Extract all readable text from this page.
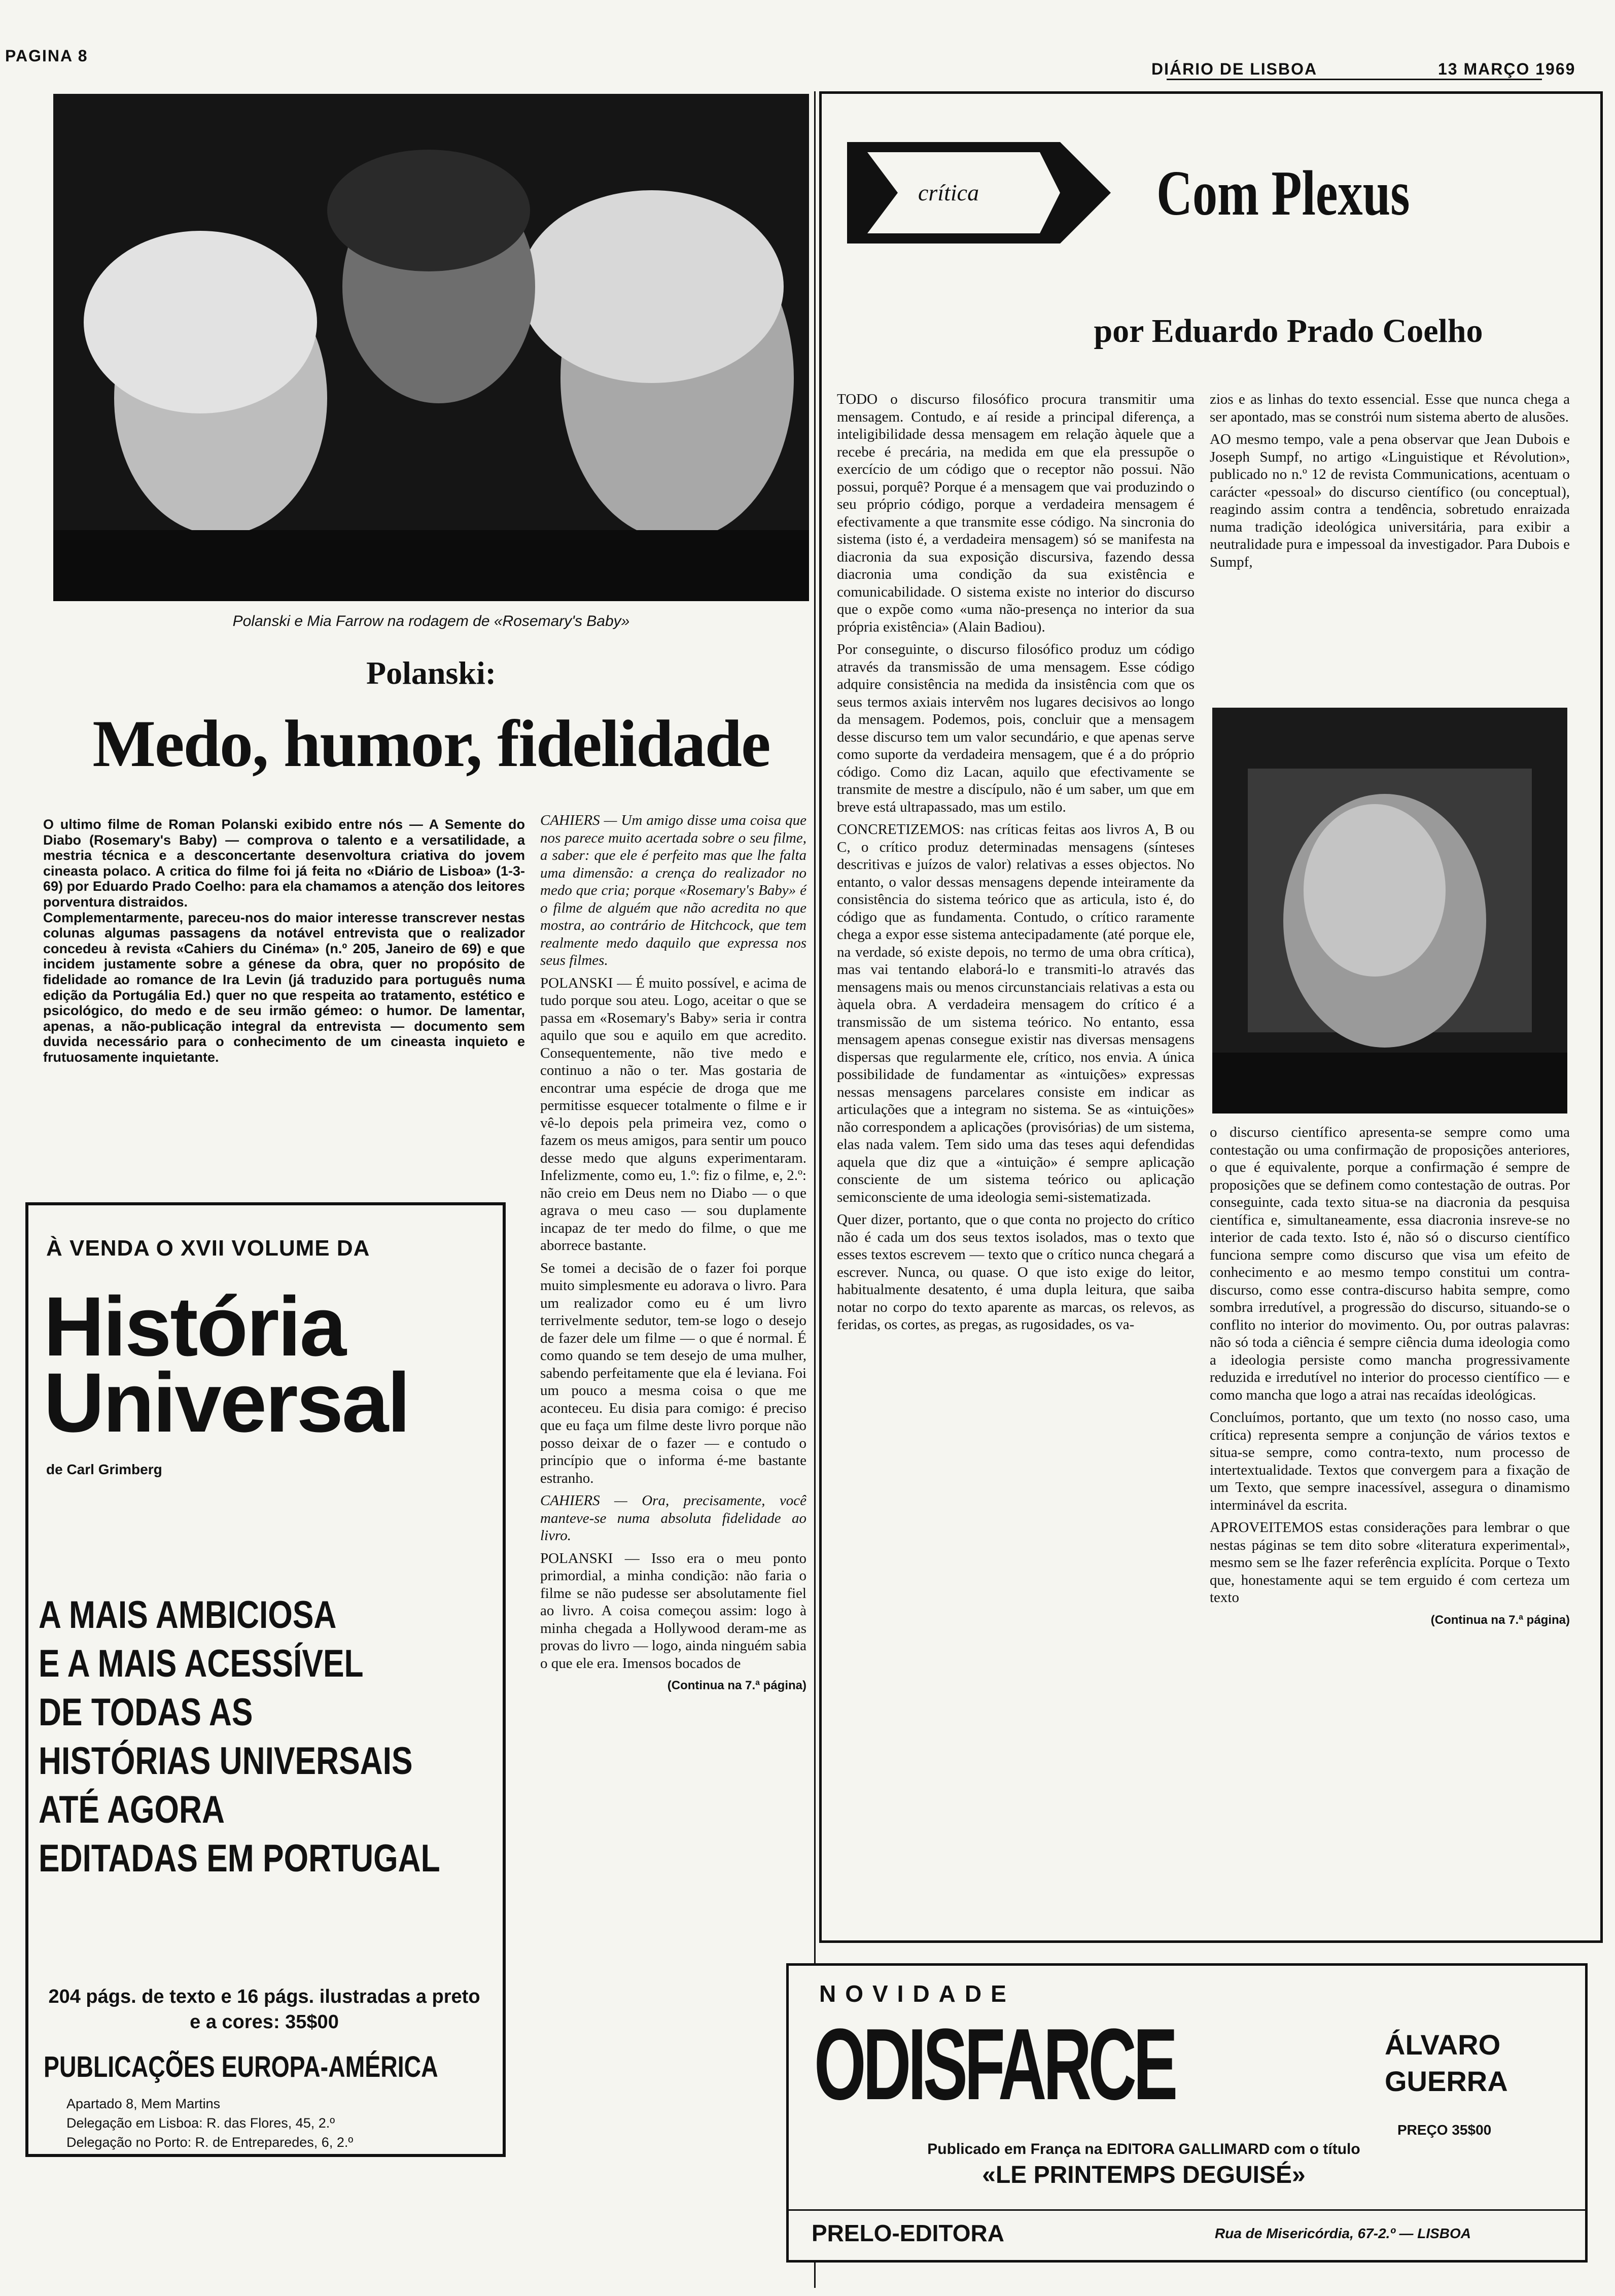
PAGINA 8
DIÁRIO DE LISBOA	13 MARÇO 1969
Polanski e Mia Farrow na rodagem de «Rosemary's Baby»
Polanski:
Medo, humor, fidelidade

O ultimo filme de Roman Polanski exibido entre nós — A Semente do Diabo (Rosemary's Baby) — comprova o talento e a versatilidade, a mestria técnica e a desconcertante desenvoltura criativa do jovem cineasta polaco. A critica do filme foi já feita no «Diário de Lisboa» (1-3-69) por Eduardo Prado Coelho: para ela chamamos a atenção dos leitores porventura distraidos.

Complementarmente, pareceu-nos do maior interesse transcrever nestas colunas algumas passagens da notável entrevista que o realizador concedeu à revista «Cahiers du Cinéma» (n.º 205, Janeiro de 69) e que incidem justamente sobre a génese da obra, quer no propósito de fidelidade ao romance de Ira Levin (já traduzido para português numa edição da Portugália Ed.) quer no que respeita ao tratamento, estético e psicológico, do medo e de seu irmão gémeo: o humor. De lamentar, apenas, a não-publicação integral da entrevista — documento sem duvida necessário para o conhecimento de um cineasta inquieto e frutuosamente inquietante.

CAHIERS — Um amigo disse uma coisa que nos parece muito acertada sobre o seu filme, a saber: que ele é perfeito mas que lhe falta uma dimensão: a crença do realizador no medo que cria; porque «Rosemary's Baby» é o filme de alguém que não acredita no que mostra, ao contrário de Hitchcock, que tem realmente medo daquilo que expressa nos seus filmes.

POLANSKI — É muito possível, e acima de tudo porque sou ateu. Logo, aceitar o que se passa em «Rosemary's Baby» seria ir contra aquilo que sou e aquilo em que acredito. Consequentemente, não tive medo e continuo a não o ter. Mas gostaria de encontrar uma espécie de droga que me permitisse esquecer totalmente o filme e ir vê-lo depois pela primeira vez, como o fazem os meus amigos, para sentir um pouco desse medo que alguns experimentaram. Infelizmente, como eu, 1.º: fiz o filme, e, 2.º: não creio em Deus nem no Diabo — o que agrava o meu caso — sou duplamente incapaz de ter medo do filme, o que me aborrece bastante.

Se tomei a decisão de o fazer foi porque muito simplesmente eu adorava o livro. Para um realizador como eu é um livro terrivelmente sedutor, tem-se logo o desejo de fazer dele um filme — o que é normal. É como quando se tem desejo de uma mulher, sabendo perfeitamente que ela é leviana. Foi um pouco a mesma coisa o que me aconteceu. Eu disia para comigo: é preciso que eu faça um filme deste livro porque não posso deixar de o fazer — e contudo o princípio que o informa é-me bastante estranho.

CAHIERS — Ora, precisamente, você manteve-se numa absoluta fidelidade ao livro.

POLANSKI — Isso era o meu ponto primordial, a minha condição: não faria o filme se não pudesse ser absolutamente fiel ao livro. A coisa começou assim: logo à minha chegada a Hollywood deram-me as provas do livro — logo, ainda ninguém sabia o que ele era. Imensos bocados de

(Continua na 7.ª página)
À VENDA O XVII VOLUME DA
História
Universal
de Carl Grimberg
A MAIS AMBICIOSA
E A MAIS ACESSÍVEL
DE TODAS AS
HISTÓRIAS UNIVERSAIS
ATÉ AGORA
EDITADAS EM PORTUGAL
204 págs. de texto e 16 págs. ilustradas a preto e a cores: 35$00
PUBLICAÇÕES EUROPA-AMÉRICA
Apartado 8, Mem Martins
Delegação em Lisboa: R. das Flores, 45, 2.º
Delegação no Porto: R. de Entreparedes, 6, 2.º
crítica	Com Plexus
por Eduardo Prado Coelho

TODO o discurso filosófico procura transmitir uma mensagem. Contudo, e aí reside a principal diferença, a inteligibilidade dessa mensagem em relação àquele que a recebe é precária, na medida em que ela pressupõe o exercício de um código que o receptor não possui. Não possui, porquê? Porque é a mensagem que vai produzindo o seu próprio código, porque a verdadeira mensagem é efectivamente a que transmite esse código. Na sincronia do sistema (isto é, a verdadeira mensagem) só se manifesta na diacronia da sua exposição discursiva, fazendo dessa diacronia uma condição da sua existência e comunicabilidade. O sistema existe no interior do discurso que o expõe como «uma não-presença no interior da sua própria existência» (Alain Badiou).

Por conseguinte, o discurso filosófico produz um código através da transmissão de uma mensagem. Esse código adquire consistência na medida da insistência com que os seus termos axiais intervêm nos lugares decisivos ao longo da mensagem. Podemos, pois, concluir que a mensagem desse discurso tem um valor secundário, e que apenas serve como suporte da verdadeira mensagem, que é a do próprio código. Como diz Lacan, aquilo que efectivamente se transmite de mestre a discípulo, não é um saber, um que em breve está ultrapassado, mas um estilo.

CONCRETIZEMOS: nas críticas feitas aos livros A, B ou C, o crítico produz determinadas mensagens (sínteses descritivas e juízos de valor) relativas a esses objectos. No entanto, o valor dessas mensagens depende inteiramente da consistência do sistema teórico que as articula, isto é, do código que as fundamenta. Contudo, o crítico raramente chega a expor esse sistema antecipadamente (até porque ele, na verdade, só existe depois, no termo de uma obra crítica), mas vai tentando elaborá-lo e transmiti-lo através das mensagens mais ou menos circunstanciais relativas a esta ou àquela obra. A verdadeira mensagem do crítico é a transmissão de um sistema teórico. No entanto, essa mensagem apenas consegue existir nas diversas mensagens dispersas que regularmente ele, crítico, nos envia. A única possibilidade de fundamentar as «intuições» expressas nessas mensagens parcelares consiste em indicar as articulações que a integram no sistema. Se as «intuições» não correspondem a aplicações (provisórias) de um sistema, elas nada valem. Tem sido uma das teses aqui defendidas aquela que diz que a «intuição» é sempre aplicação consciente de um sistema teórico ou aplicação semiconsciente de uma ideologia semi-sistematizada.

Quer dizer, portanto, que o que conta no projecto do crítico não é cada um dos seus textos isolados, mas o texto que esses textos escrevem — texto que o crítico nunca chegará a escrever. Nunca, ou quase. O que isto exige do leitor, habitualmente desatento, é uma dupla leitura, que saiba notar no corpo do texto aparente as marcas, os relevos, as feridas, os cortes, as pregas, as rugosidades, os va-

zios e as linhas do texto essencial. Esse que nunca chega a ser apontado, mas se constrói num sistema aberto de alusões.

AO mesmo tempo, vale a pena observar que Jean Dubois e Joseph Sumpf, no artigo «Linguistique et Révolution», publicado no n.º 12 de revista Communications, acentuam o carácter «pessoal» do discurso científico (ou conceptual), reagindo assim contra a tendência, sobretudo enraizada numa tradição ideológica universitária, para exibir a neutralidade pura e impessoal da investigador. Para Dubois e Sumpf,

o discurso científico apresenta-se sempre como uma contestação ou uma confirmação de proposições anteriores, o que é equivalente, porque a confirmação é sempre de proposições que se definem como contestação de outras. Por conseguinte, cada texto situa-se na diacronia da pesquisa científica e, simultaneamente, essa diacronia insreve-se no interior de cada texto. Isto é, não só o discurso científico funciona sempre como discurso que visa um efeito de conhecimento e ao mesmo tempo constitui um contra-discurso, como esse contra-discurso habita sempre, como sombra irredutível, a progressão do discurso, situando-se o conflito no interior do movimento. Ou, por outras palavras: não só toda a ciência é sempre ciência duma ideologia como a ideologia persiste como mancha progressivamente reduzida e irredutível no interior do processo científico — e como mancha que logo a atrai nas recaídas ideológicas.

Concluímos, portanto, que um texto (no nosso caso, uma crítica) representa sempre a conjunção de vários textos e situa-se sempre, como contra-texto, num processo de intertextualidade. Textos que convergem para a fixação de um Texto, que sempre inacessível, assegura o dinamismo interminável da escrita.

APROVEITEMOS estas considerações para lembrar o que nestas páginas se tem dito sobre «literatura experimental», mesmo sem se lhe fazer referência explícita. Porque o Texto que, honestamente aqui se tem erguido é com certeza um texto

(Continua na 7.ª página)
NOVIDADE
ODISFARCE	ÁLVARO
GUERRA
PREÇO 35$00
Publicado em França na EDITORA GALLIMARD com o título
«LE PRINTEMPS DEGUISÉ»
PRELO-EDITORA	Rua de Misericórdia, 67-2.º — LISBOA
